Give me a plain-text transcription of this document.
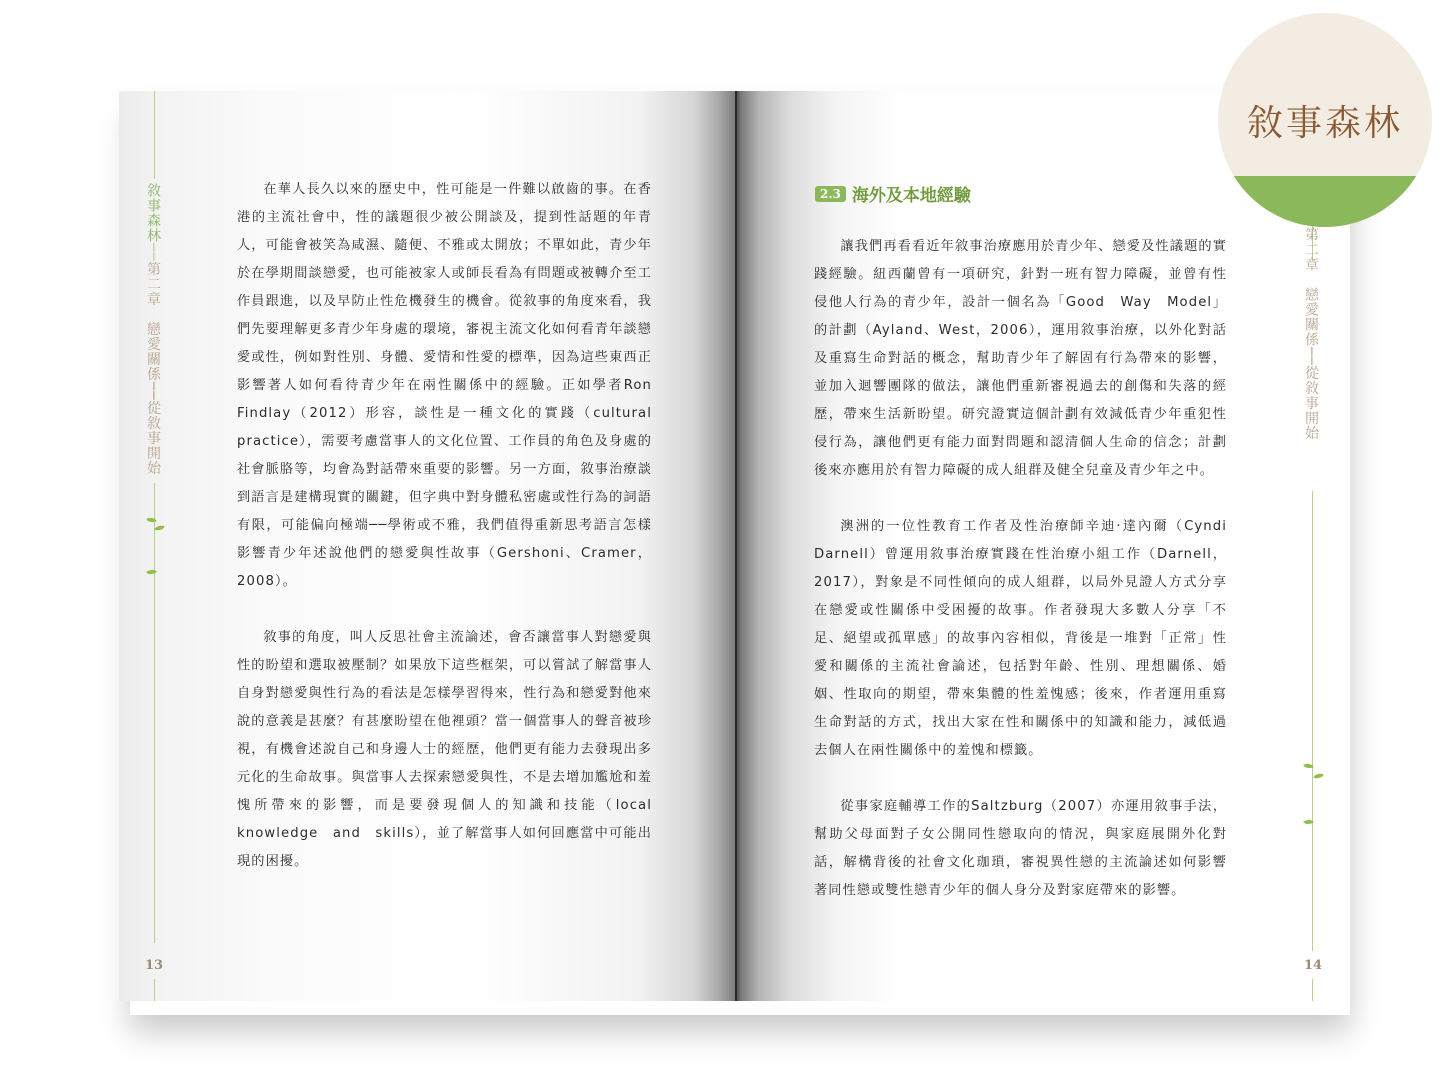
敘事森林──第二章　戀愛關係──從敘事開始
13

在華人長久以來的歷史中，性可能是一件難以啟齒的事。在香港的主流社會中，性的議題很少被公開談及，提到性話題的年青人，可能會被笑為咸濕、隨便、不雅或太開放；不單如此，青少年於在學期間談戀愛，也可能被家人或師長看為有問題或被轉介至工作員跟進，以及早防止性危機發生的機會。從敘事的角度來看，我們先要理解更多青少年身處的環境，審視主流文化如何看青年談戀愛或性，例如對性別、身體、愛情和性愛的標準，因為這些東西正影響著人如何看待青少年在兩性關係中的經驗。正如學者Ron　Findlay（2012）形容，談性是一種文化的實踐（cultural　practice），需要考慮當事人的文化位置、工作員的角色及身處的社會脈胳等，均會為對話帶來重要的影響。另一方面，敘事治療談到語言是建構現實的關鍵，但字典中對身體私密處或性行為的詞語有限，可能偏向極端──學術或不雅，我們值得重新思考語言怎樣影響青少年述說他們的戀愛與性故事（Gershoni、Cramer，2008）。

敘事的角度，叫人反思社會主流論述，會否讓當事人對戀愛與性的盼望和選取被壓制？如果放下這些框架，可以嘗試了解當事人自身對戀愛與性行為的看法是怎樣學習得來，性行為和戀愛對他來說的意義是甚麼？有甚麼盼望在他裡頭？當一個當事人的聲音被珍視，有機會述說自己和身邊人士的經歷，他們更有能力去發現出多元化的生命故事。與當事人去探索戀愛與性，不是去增加尷尬和羞愧所帶來的影響，而是要發現個人的知識和技能（local　knowledge　and　skills），並了解當事人如何回應當中可能出現的困擾。

2.3 海外及本地經驗

讓我們再看看近年敘事治療應用於青少年、戀愛及性議題的實踐經驗。紐西蘭曾有一項研究，針對一班有智力障礙，並曾有性侵他人行為的青少年，設計一個名為「Good　Way　Model」的計劃（Ayland、West，2006），運用敘事治療，以外化對話及重寫生命對話的概念，幫助青少年了解固有行為帶來的影響，並加入迴響團隊的做法，讓他們重新審視過去的創傷和失落的經歷，帶來生活新盼望。研究證實這個計劃有效減低青少年重犯性侵行為，讓他們更有能力面對問題和認清個人生命的信念；計劃後來亦應用於有智力障礙的成人組群及健全兒童及青少年之中。

澳洲的一位性教育工作者及性治療師辛迪·達內爾（Cyndi　Darnell）曾運用敘事治療實踐在性治療小組工作（Darnell，2017），對象是不同性傾向的成人組群，以局外見證人方式分享在戀愛或性關係中受困擾的故事。作者發現大多數人分享「不足、絕望或孤單感」的故事內容相似，背後是一堆對「正常」性愛和關係的主流社會論述，包括對年齡、性別、理想關係、婚姻、性取向的期望，帶來集體的性羞愧感；後來，作者運用重寫生命對話的方式，找出大家在性和關係中的知識和能力，減低過去個人在兩性關係中的羞愧和標籤。

從事家庭輔導工作的Saltzburg（2007）亦運用敘事手法，幫助父母面對子女公開同性戀取向的情況，與家庭展開外化對話，解構背後的社會文化珈瑣，審視異性戀的主流論述如何影響著同性戀或雙性戀青少年的個人身分及對家庭帶來的影響。

第二章　戀愛關係──從敘事開始
14
敘事森林
